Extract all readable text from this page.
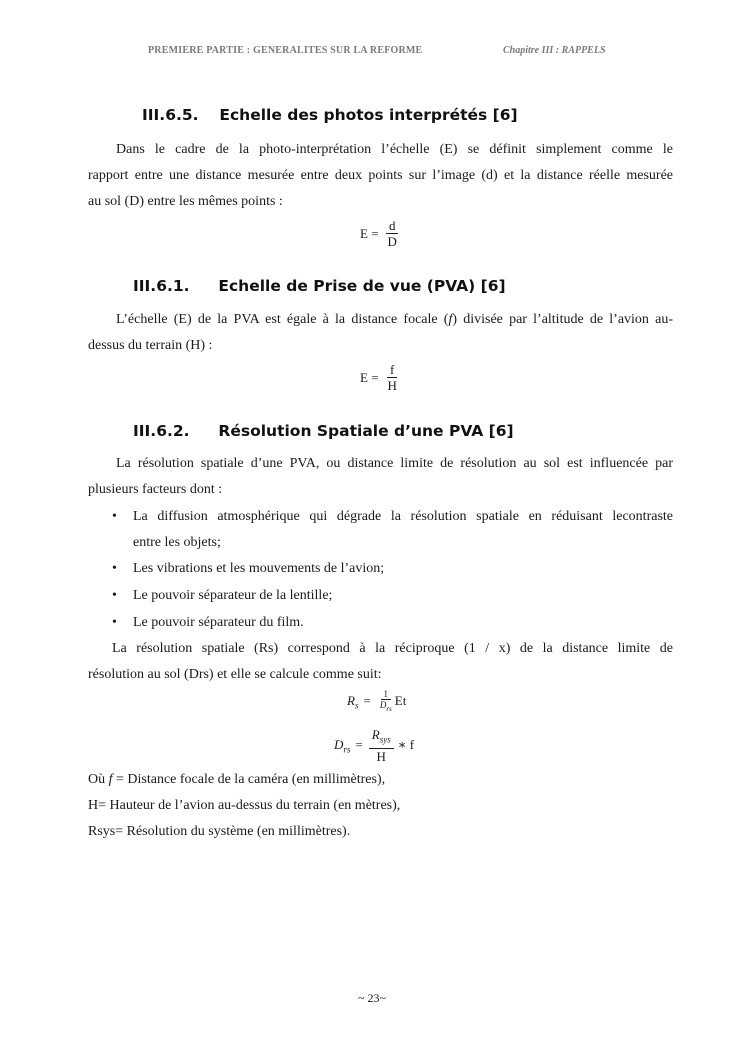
PREMIERE PARTIE : GENERALITES SUR LA REFORME	Chapitre III : RAPPELS
III.6.5. Echelle des photos interprétés [6]
Dans le cadre de la photo-interprétation l’échelle (E) se définit simplement comme le
rapport entre une distance mesurée entre deux points sur l’image (d) et la distance réelle mesurée
au sol (D) entre les mêmes points :
$E = \frac{d}{D}$
III.6.1. Echelle de Prise de vue (PVA) [6]
L’échelle (E) de la PVA est égale à la distance focale (f) divisée par l’altitude de l’avion au-
dessus du terrain (H) :
$E = \frac{f}{H}$
III.6.2. Résolution Spatiale d’une PVA [6]
La résolution spatiale d’une PVA, ou distance limite de résolution au sol est influencée par
plusieurs facteurs dont :
• La diffusion atmosphérique qui dégrade la résolution spatiale en réduisant lecontraste
entre les objets;
• Les vibrations et les mouvements de l’avion;
• Le pouvoir séparateur de la lentille;
• Le pouvoir séparateur du film.
La résolution spatiale (Rs) correspond à la réciproque (1 / x) de la distance limite de
résolution au sol (Drs) et elle se calcule comme suit:
$R_s = \frac{1}{D_{rs}}$ Et
$D_{rs} = \frac{R_{sys}}{H}$ ∗ f
Où f = Distance focale de la caméra (en millimètres),
H= Hauteur de l’avion au-dessus du terrain (en mètres),
Rsys= Résolution du système (en millimètres).
~ 23~
